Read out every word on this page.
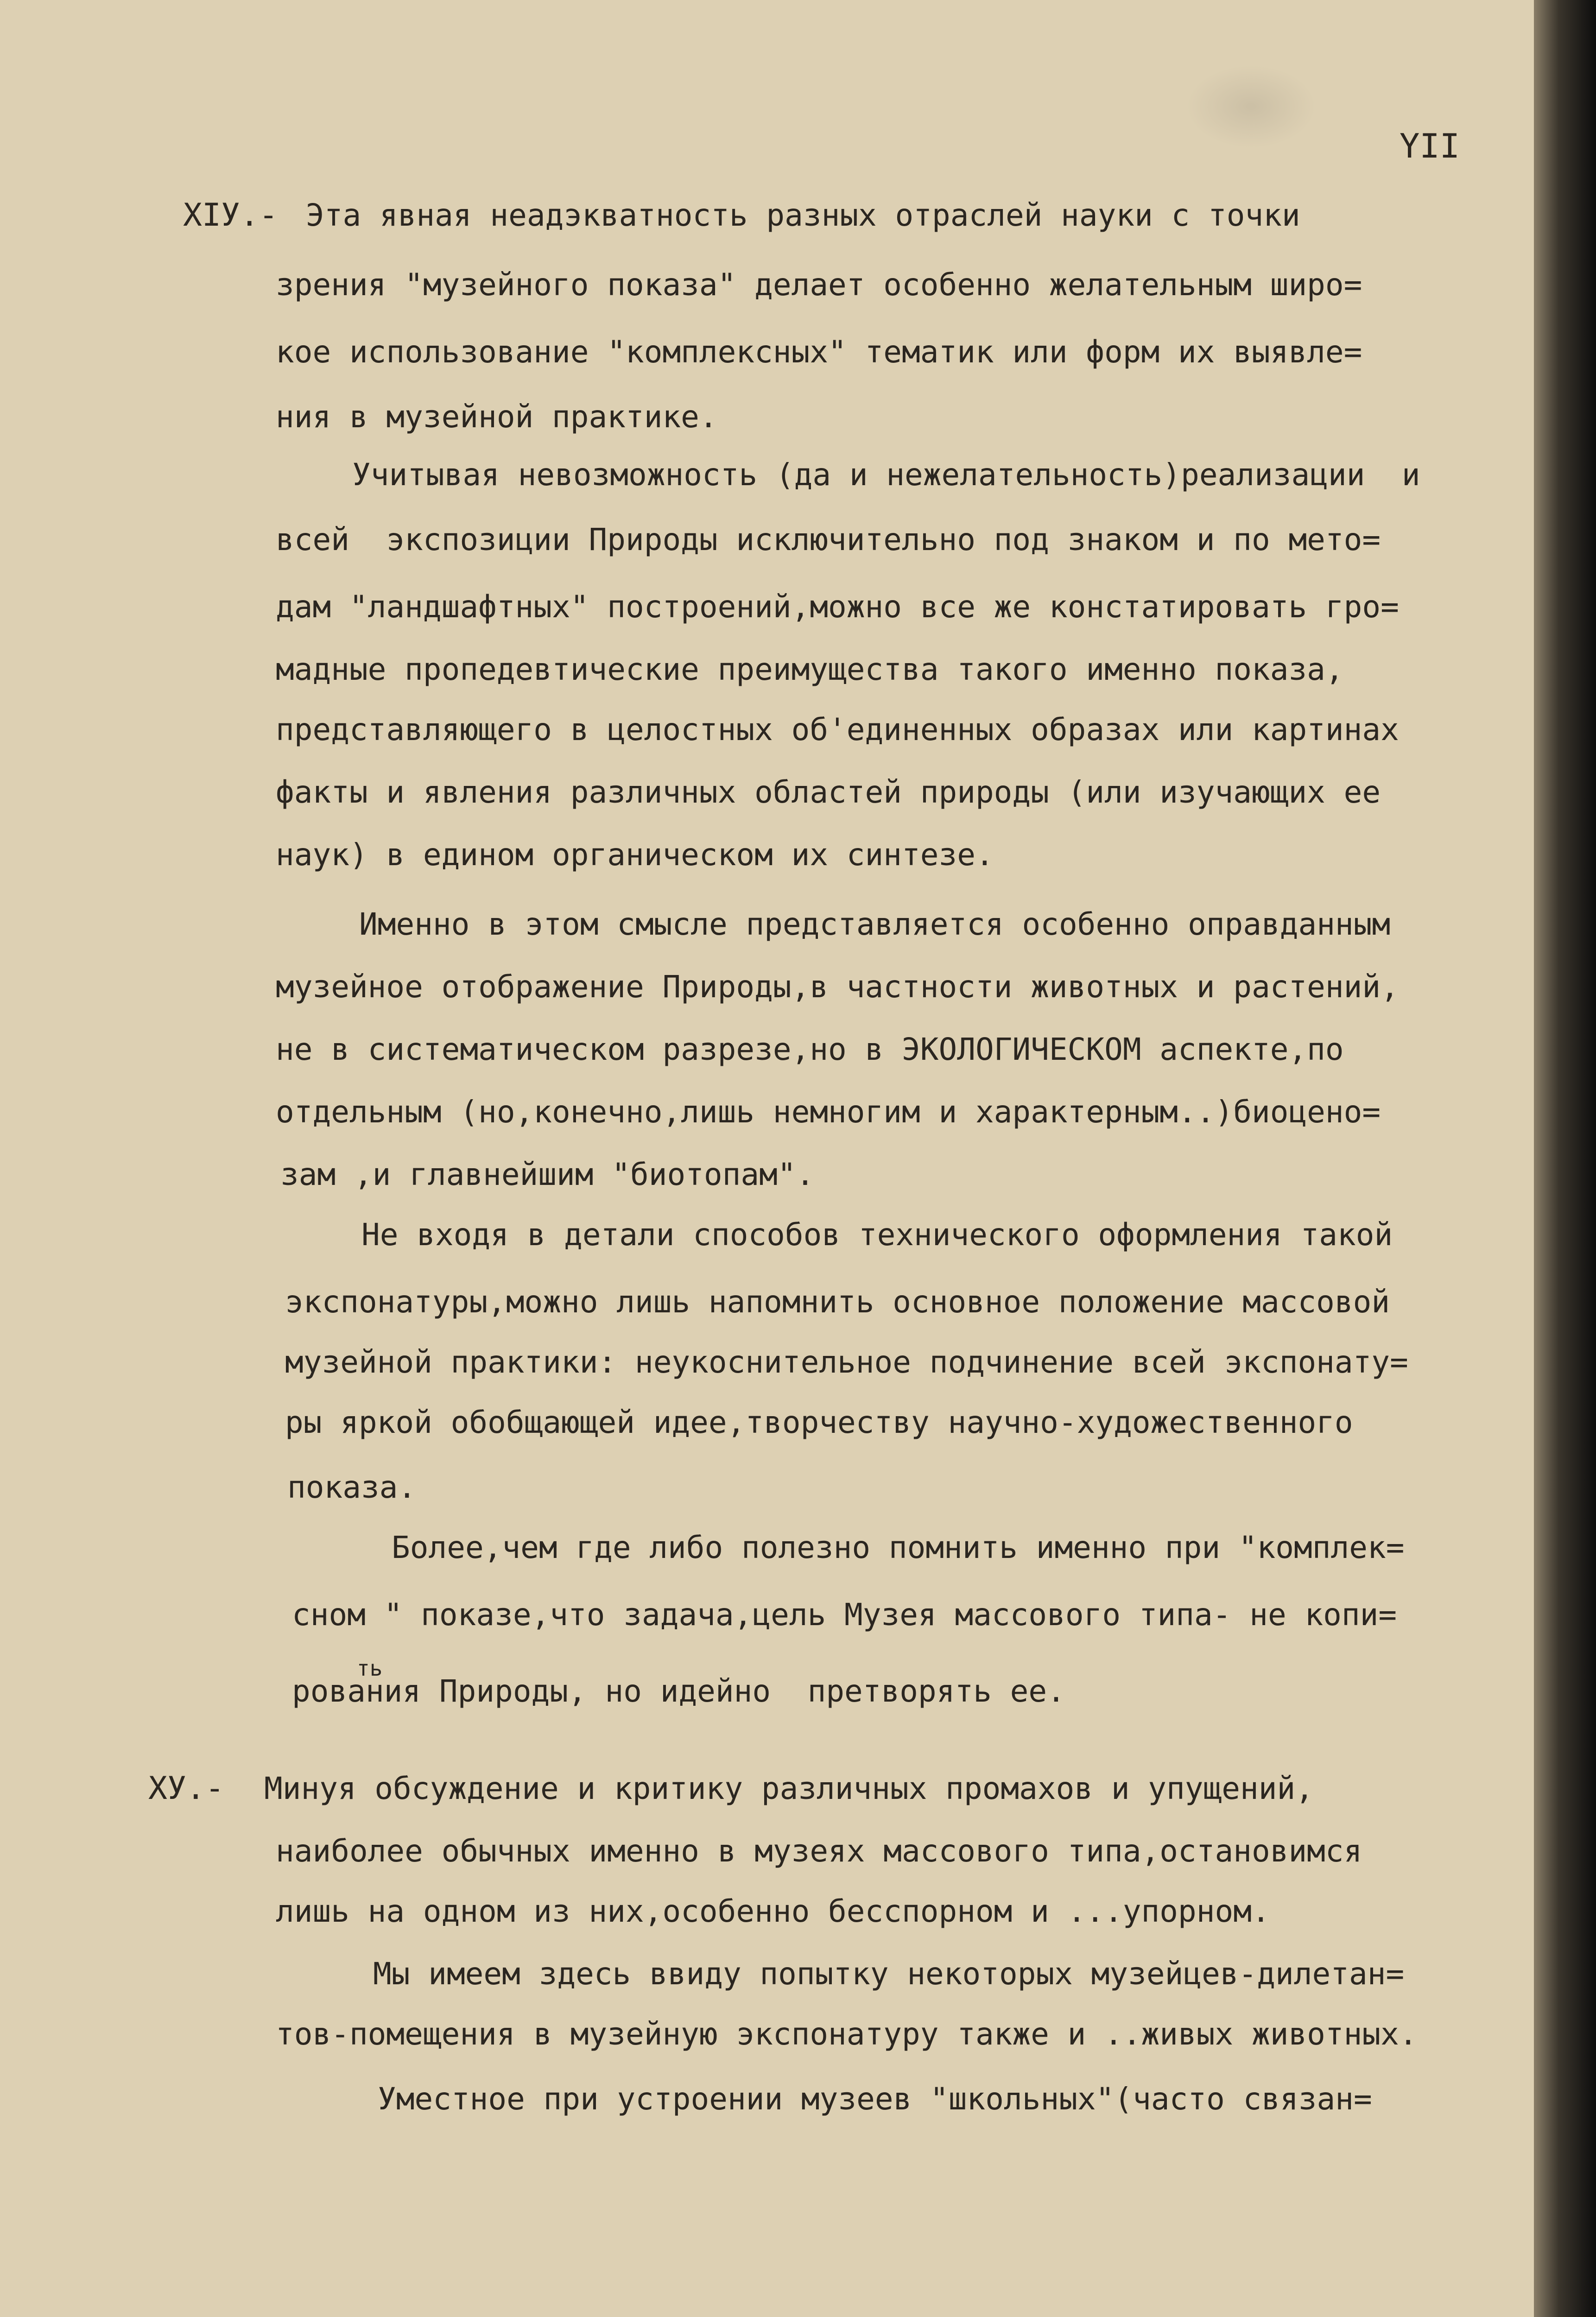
YII
XIУ.- Эта явная неадэкватность разных отраслей науки с точки
зрения "музейного показа" делает особенно желательным широ=
кое использование "комплексных" тематик или форм их выявле=
ния в музейной практике.
Учитывая невозможность (да и нежелательность)реализации  и
всей  экспозиции Природы исключительно под знаком и по мето=
дам "ландшафтных" построений,можно все же констатировать гро=
мадные пропедевтические преимущества такого именно показа,
представляющего в целостных об'единенных образах или картинах
факты и явления различных областей природы (или изучающих ее
наук) в едином органическом их синтезе.
Именно в этом смысле представляется особенно оправданным
музейное отображение Природы,в частности животных и растений,
не в систематическом разрезе,но в ЭКОЛОГИЧЕСКОМ аспекте,по
отдельным (но,конечно,лишь немногим и характерным..)биоцено=
зам ,и главнейшим "биотопам".
Не входя в детали способов технического оформления такой
экспонатуры,можно лишь напомнить основное положение массовой
музейной практики: неукоснительное подчинение всей экспонату=
ры яркой обобщающей идее,творчеству научно-художественного
показа.
Более,чем где либо полезно помнить именно при "комплек=
сном " показе,что задача,цель Музея массового типа- не копи=
ть
рования Природы, но идейно  претворять ее.
ХУ.- Минуя обсуждение и критику различных промахов и упущений,
наиболее обычных именно в музеях массового типа,остановимся
лишь на одном из них,особенно бесспорном и ...упорном.
Мы имеем здесь ввиду попытку некоторых музейцев-дилетан=
тов-помещения в музейную экспонатуру также и ..живых животных.
Уместное при устроении музеев "школьных"(часто связан=
